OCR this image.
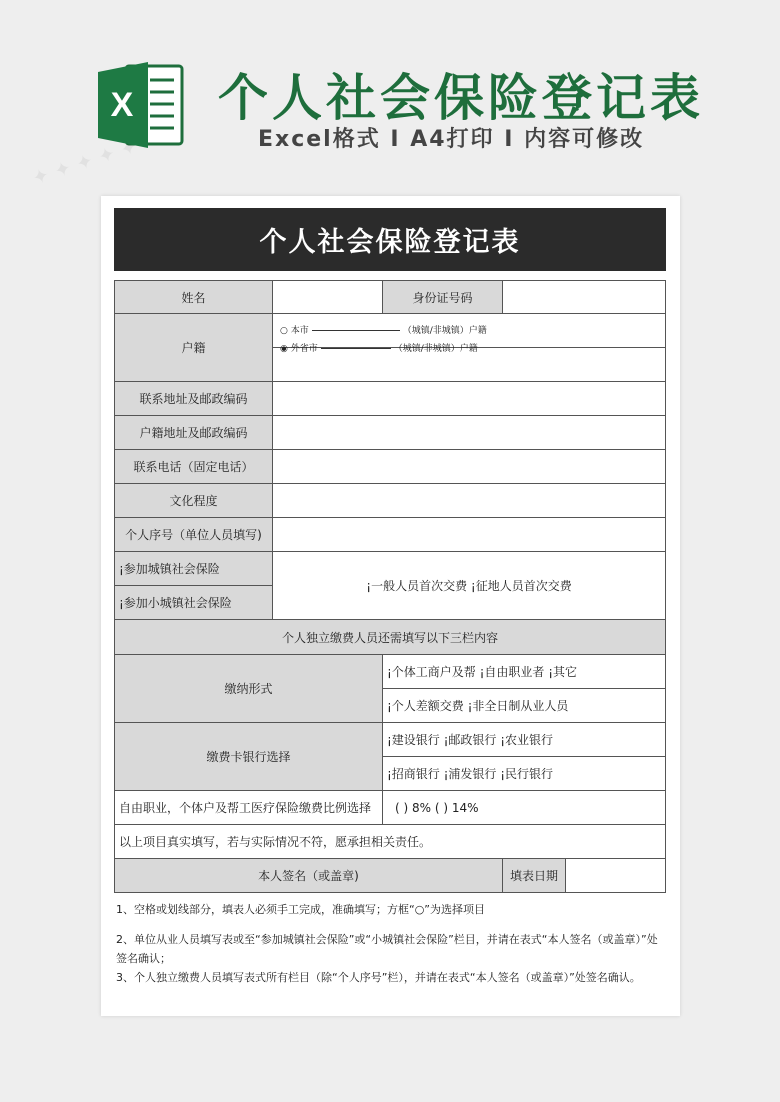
X 个人社会保险登记表
Excel格式 I A4打印 I 内容可修改
✦ ✦ ✦ ✦ ✦
个人社会保险登记表
姓名	身份证号码
户籍
○ 本市	（城镇/非城镇）户籍
◉ 外省市	（城镇/非城镇）户籍
联系地址及邮政编码
户籍地址及邮政编码
联系电话（固定电话）
文化程度
个人序号（单位人员填写)
¡参加城镇社会保险
¡参加小城镇社会保险
¡一般人员首次交费 ¡征地人员首次交费
个人独立缴费人员还需填写以下三栏内容
缴纳形式
¡个体工商户及帮 ¡自由职业者 ¡其它
¡个人差额交费 ¡非全日制从业人员
缴费卡银行选择
¡建设银行 ¡邮政银行 ¡农业银行
¡招商银行 ¡浦发银行 ¡民行银行
自由职业，个体户及帮工医疗保险缴费比例选择	( ) 8% ( ) 14%
以上项目真实填写，若与实际情况不符，愿承担相关责任。
本人签名（或盖章)	填表日期
1、空格或划线部分，填表人必须手工完成，准确填写；方框“○”为选择项目
2、单位从业人员填写表或至“参加城镇社会保险”或“小城镇社会保险”栏目，并请在表式“本人签名（或盖章）”处签名确认；
3、个人独立缴费人员填写表式所有栏目（除“个人序号”栏），并请在表式“本人签名（或盖章）”处签名确认。
